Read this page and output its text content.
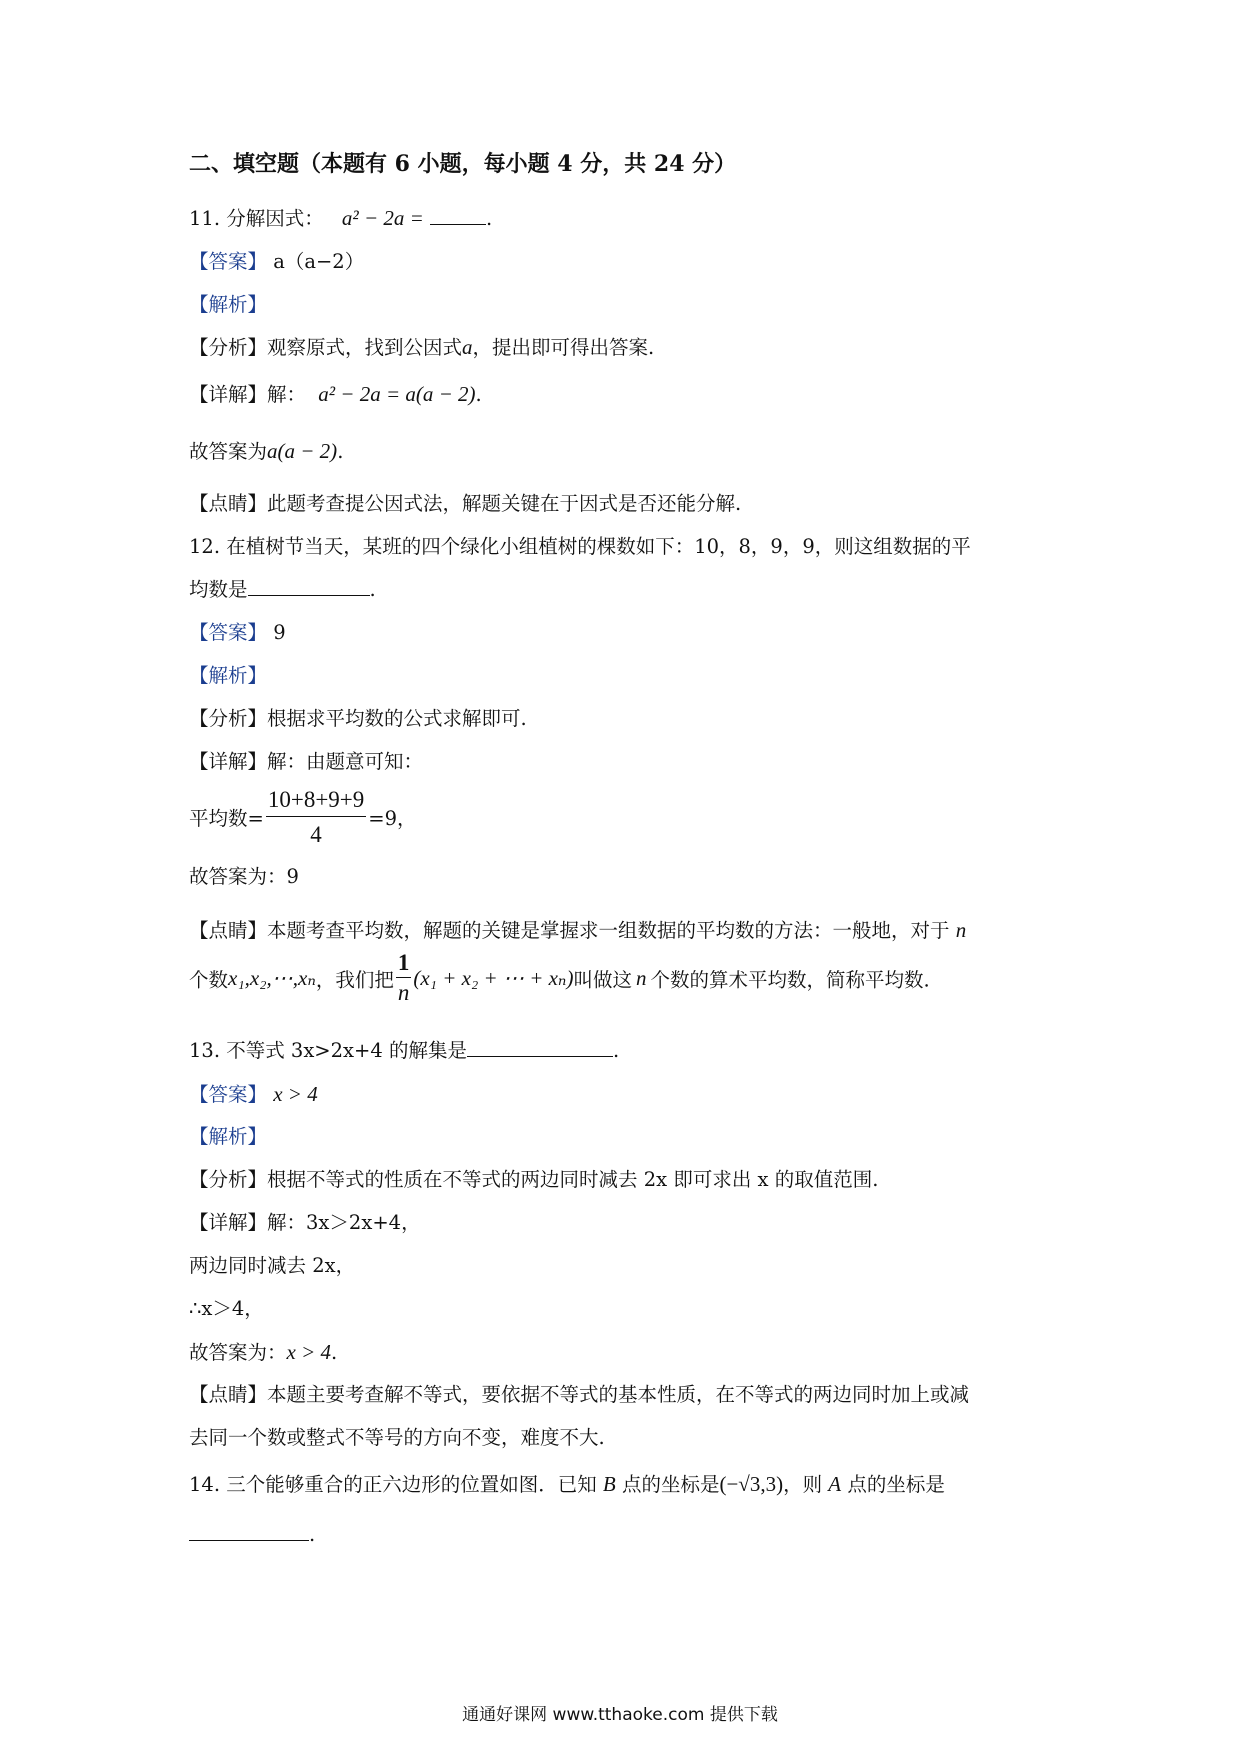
二、填空题（本题有 6 小题，每小题 4 分，共 24 分）
11. 分解因式： a² − 2a =	.
【答案】 a（a−2）
【解析】
【分析】观察原式，找到公因式a，提出即可得出答案.
【详解】解： a² − 2a = a(a − 2).
故答案为a(a − 2).
【点睛】此题考查提公因式法，解题关键在于因式是否还能分解.
12. 在植树节当天，某班的四个绿化小组植树的棵数如下：10，8，9，9，则这组数据的平
均数是	.
【答案】 9
【解析】
【分析】根据求平均数的公式求解即可.
【详解】解：由题意可知：
平均数= $\frac{10+8+9+9}{4} =9$，
故答案为：9
【点睛】本题考查平均数，解题的关键是掌握求一组数据的平均数的方法：一般地，对于 n
个数x₁,x₂,⋯,xₙ，我们把 $\frac{1}{n} (x_1 + x_2$ + ⋯ + xₙ)叫做这 n 个数的算术平均数，简称平均数.
13. 不等式 3x>2x+4 的解集是	.
【答案】 x > 4
【解析】
【分析】根据不等式的性质在不等式的两边同时减去 2x 即可求出 x 的取值范围.
【详解】解：3x＞2x+4，
两边同时减去 2x，
∴x＞4，
故答案为：x > 4.
【点睛】本题主要考查解不等式，要依据不等式的基本性质，在不等式的两边同时加上或减
去同一个数或整式不等号的方向不变，难度不大.
14. 三个能够重合的正六边形的位置如图．已知 B 点的坐标是(−√3,3)，则 A 点的坐标是
.
通通好课网 www.tthaoke.com 提供下载
